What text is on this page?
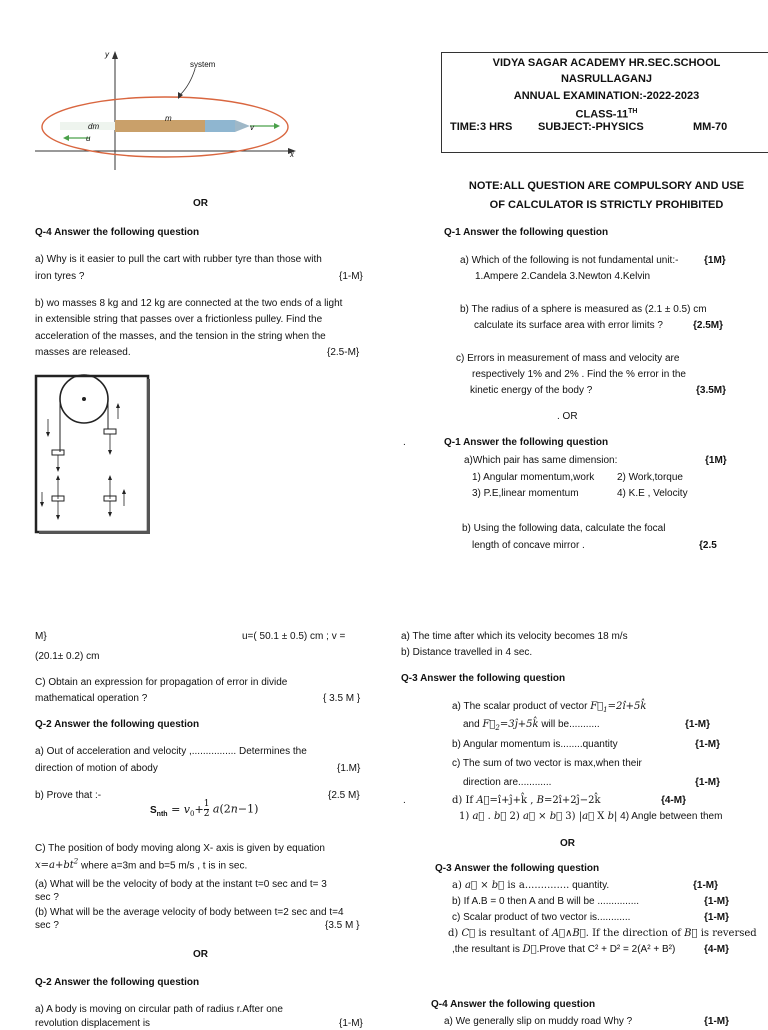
y
x
system
m
dm
u
v
VIDYA SAGAR ACADEMY HR.SEC.SCHOOL
NASRULLAGANJ
ANNUAL EXAMINATION:-2022-2023
CLASS-11TH
TIME:3 HRS SUBJECT:-PHYSICS	MM-70
NOTE:ALL QUESTION ARE COMPULSORY AND USE
OF CALCULATOR IS STRICTLY PROHIBITED
OR
Q-4 Answer the following question
a) Why is it easier to pull the cart with rubber tyre than those with
iron tyres ?	{1-M}
b) wo masses 8 kg and 12 kg are connected at the two ends of a light
in extensible string that passes over a frictionless pulley. Find the
acceleration of the masses, and the tension in the string when the
masses are released.	{2.5-M}
Q-1 Answer the following question
a) Which of the following is not fundamental unit:-	{1M}
1.Ampere 2.Candela 3.Newton 4.Kelvin
b) The radius of a sphere is measured as (2.1 ± 0.5) cm
calculate its surface area with error limits ?	{2.5M}
c) Errors in measurement of mass and velocity are
respectively 1% and 2% . Find the % error in the
kinetic energy of the body ?	{3.5M}
. OR
.	Q-1 Answer the following question
a)Which pair has same dimension:	{1M}
1) Angular momentum,work 2) Work,torque
3) P.E,linear momentum	4) K.E , Velocity
b) Using the following data, calculate the focal
length of concave mirror .	{2.5
M}	u=( 50.1 ± 0.5) cm ; v =
(20.1± 0.2) cm
C) Obtain an expression for propagation of error in divide
mathematical operation ?	{ 3.5 M }
Q-2 Answer the following question
a) Out of acceleration and velocity ,................ Determines the
direction of motion of abody	{1.M}
b) Prove that :-	{2.5 M}
$S_{nth} = v_0+ \frac{1}{2} a(2n-1)$
C) The position of body moving along X- axis is given by equation
$x=a+bt^2$ where a=3m and b=5 m/s , t is in sec.
(a) What will be the velocity of body at the instant t=0 sec and t= 3
sec ?
(b) What will be the average velocity of body between t=2 sec and t=4
sec ?	{3.5 M }
OR
Q-2 Answer the following question
a) A body is moving on circular path of radius r.After one
revolution displacement is	{1-M}
a) The time after which its velocity becomes 18 m/s
b) Distance travelled in 4 sec.
Q-3 Answer the following question
a) The scalar product of vector $F⃗_1=2î+5k̂$
and $F⃗_2=3ĵ+5k̂$ will be...........	{1-M}
b) Angular momentum is........quantity	{1-M}
c) The sum of two vector is max,when their
direction are............	{1-M}
.	d) If A⃗=î+ĵ+k̂ , B=2î+2ĵ−2k̂	{4-M}
1) a⃗ . b⃗ 2) a⃗ × b⃗ 3) |a⃗ X b| 4) Angle between them
OR
Q-3 Answer the following question
a) a⃗ × b⃗ is a.............. quantity.	{1-M}
b) If A.B = 0 then A and B will be ...............	{1-M}
c) Scalar product of two vector is............	{1-M}
d) C⃗ is resultant of A⃗∧B⃗. If the direction of B⃗ is reversed
,the resultant is D⃗.Prove that C² + D² = 2(A² + B²)	{4-M}
Q-4 Answer the following question
a) We generally slip on muddy road Why ?	{1-M}
